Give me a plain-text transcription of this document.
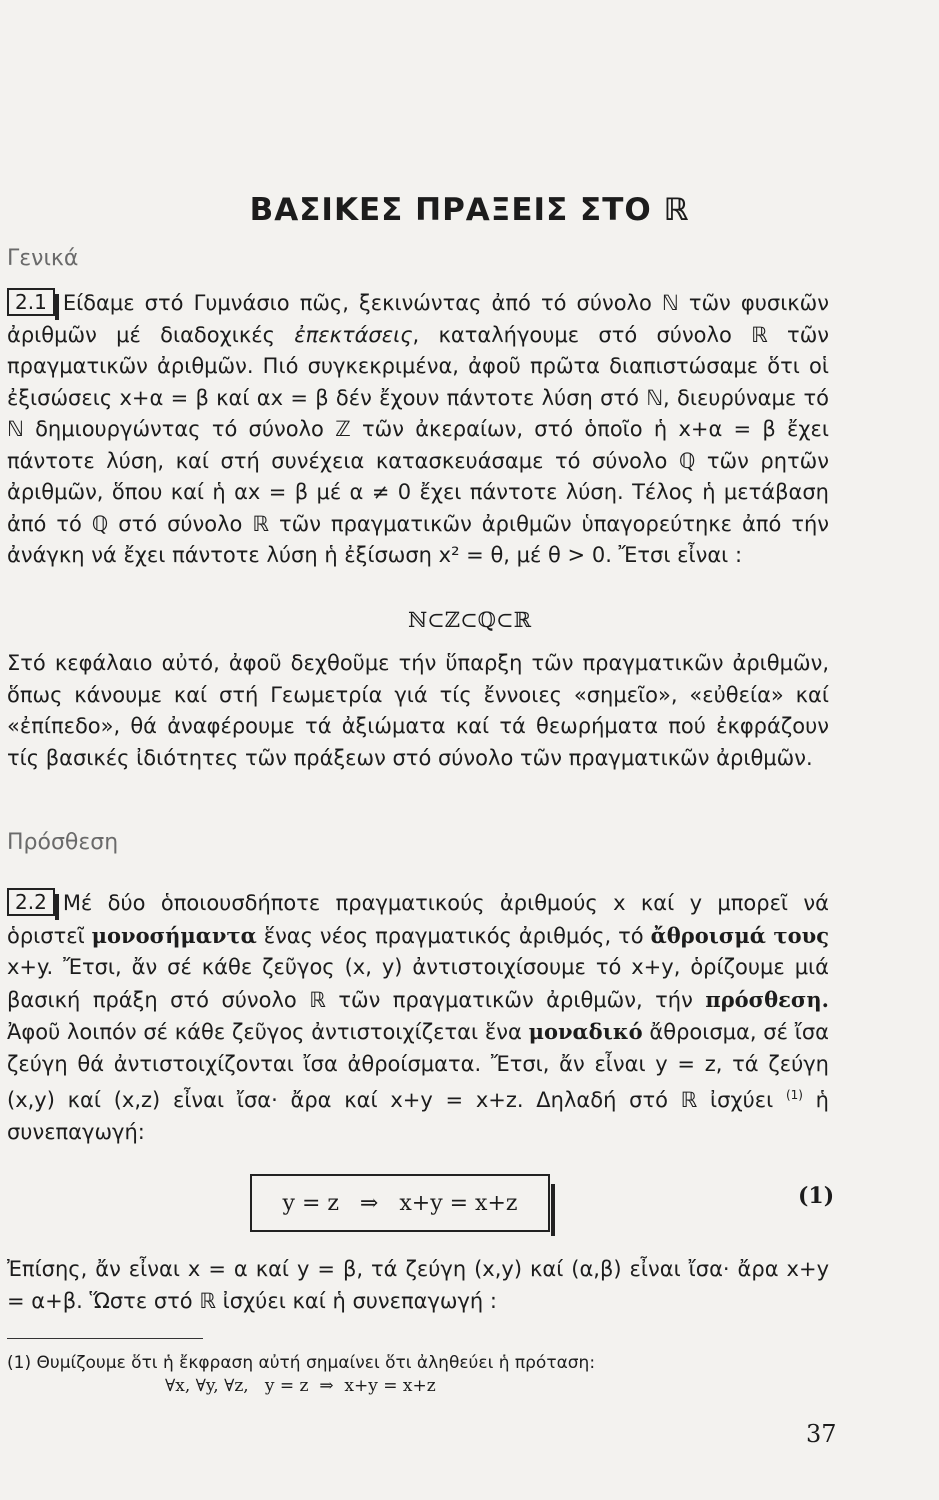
ΒΑΣΙΚΕΣ ΠΡΑΞΕΙΣ ΣΤΟ ℝ
Γενικά

2.1 Είδαμε στό Γυμνάσιο πῶς, ξεκινώντας ἀπό τό σύνολο ℕ τῶν φυσικῶν ἀριθμῶν μέ διαδοχικές ἐπεκτάσεις, καταλήγουμε στό σύνολο ℝ τῶν πραγματικῶν ἀριθμῶν. Πιό συγκεκριμένα, ἀφοῦ πρῶτα διαπιστώσαμε ὅτι οἱ ἐξισώσεις x+α = β καί αx = β δέν ἔχουν πάντοτε λύση στό ℕ, διευρύναμε τό ℕ δημιουργώντας τό σύνολο ℤ τῶν ἀκεραίων, στό ὁποῖο ἡ x+α = β ἔχει πάντοτε λύση, καί στή συνέχεια κατασκευάσαμε τό σύνολο ℚ τῶν ρητῶν ἀριθμῶν, ὅπου καί ἡ αx = β μέ α ≠ 0 ἔχει πάντοτε λύση. Τέλος ἡ μετάβαση ἀπό τό ℚ στό σύνολο ℝ τῶν πραγματικῶν ἀριθμῶν ὑπαγορεύτηκε ἀπό τήν ἀνάγκη νά ἔχει πάντοτε λύση ἡ ἐξίσωση x² = θ, μέ θ > 0. Ἔτσι εἶναι :

ℕ⊂ℤ⊂ℚ⊂ℝ

Στό κεφάλαιο αὐτό, ἀφοῦ δεχθοῦμε τήν ὕπαρξη τῶν πραγματικῶν ἀριθμῶν, ὅπως κάνουμε καί στή Γεωμετρία γιά τίς ἔννοιες «σημεῖο», «εὐθεία» καί «ἐπίπεδο», θά ἀναφέρουμε τά ἀξιώματα καί τά θεωρήματα πού ἐκφράζουν τίς βασικές ἰδιότητες τῶν πράξεων στό σύνολο τῶν πραγματικῶν ἀριθμῶν.

Πρόσθεση

2.2 Μέ δύο ὁποιουσδήποτε πραγματικούς ἀριθμούς x καί y μπορεῖ νά ὁριστεῖ μονοσήμαντα ἕνας νέος πραγματικός ἀριθμός, τό ἄθροισμά τους x+y. Ἔτσι, ἄν σέ κάθε ζεῦγος (x, y) ἀντιστοιχίσουμε τό x+y, ὁρίζουμε μιά βασική πράξη στό σύνολο ℝ τῶν πραγματικῶν ἀριθμῶν, τήν πρόσθεση. Ἀφοῦ λοιπόν σέ κάθε ζεῦγος ἀντιστοιχίζεται ἕνα μοναδικό ἄθροισμα, σέ ἴσα ζεύγη θά ἀντιστοιχίζονται ἴσα ἀθροίσματα. Ἔτσι, ἄν εἶναι y = z, τά ζεύγη (x,y) καί (x,z) εἶναι ἴσα· ἄρα καί x+y = x+z. Δηλαδή στό ℝ ἰσχύει $^{(1)}$ ἡ συνεπαγωγή:

y = z   ⇒   x+y = x+z	(1)

Ἐπίσης, ἄν εἶναι x = α καί y = β, τά ζεύγη (x,y) καί (α,β) εἶναι ἴσα· ἄρα x+y = α+β. Ὥστε στό ℝ ἰσχύει καί ἡ συνεπαγωγή :

(1) Θυμίζουμε ὅτι ἡ ἔκφραση αὐτή σημαίνει ὅτι ἀληθεύει ἡ πρόταση:
∀x, ∀y, ∀z,   y = z  ⇒  x+y = x+z
37
